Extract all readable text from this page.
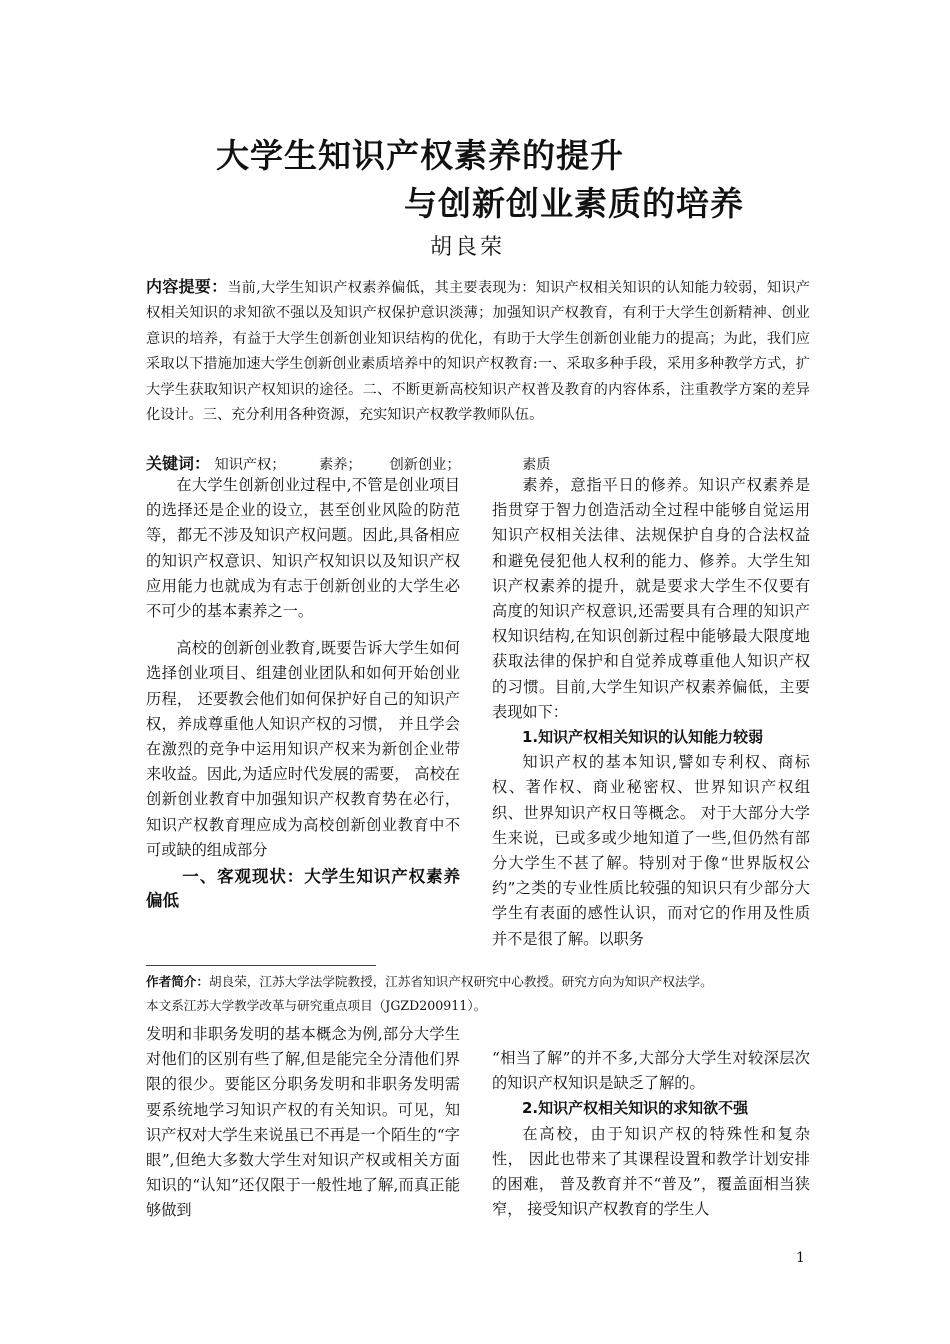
大学生知识产权素养的提升
与创新创业素质的培养
胡良荣
内容提要：当前,大学生知识产权素养偏低，其主要表现为：知识产权相关知识的认知能力较弱，知识产权相关知识的求知欲不强以及知识产权保护意识淡薄；加强知识产权教育，有利于大学生创新精神、创业意识的培养，有益于大学生创新创业知识结构的优化，有助于大学生创新创业能力的提高；为此，我们应采取以下措施加速大学生创新创业素质培养中的知识产权教育:一、采取多种手段，采用多种教学方式，扩大学生获取知识产权知识的途径。二、不断更新高校知识产权普及教育的内容体系，注重教学方案的差异化设计。三、充分利用各种资源，充实知识产权教学教师队伍。
关键词： 知识产权； 素养； 创新创业；	素质

在大学生创新创业过程中,不管是创业项目的选择还是企业的设立，甚至创业风险的防范等，都无不涉及知识产权问题。因此,具备相应的知识产权意识、知识产权知识以及知识产权应用能力也就成为有志于创新创业的大学生必不可少的基本素养之一。

高校的创新创业教育,既要告诉大学生如何选择创业项目、组建创业团队和如何开始创业历程， 还要教会他们如何保护好自己的知识产权，养成尊重他人知识产权的习惯， 并且学会在激烈的竞争中运用知识产权来为新创企业带来收益。因此,为适应时代发展的需要， 高校在创新创业教育中加强知识产权教育势在必行， 知识产权教育理应成为高校创新创业教育中不可或缺的组成部分

一、客观现状：大学生知识产权素养偏低

素养，意指平日的修养。知识产权素养是指贯穿于智力创造活动全过程中能够自觉运用知识产权相关法律、法规保护自身的合法权益和避免侵犯他人权利的能力、修养。大学生知识产权素养的提升，就是要求大学生不仅要有高度的知识产权意识,还需要具有合理的知识产权知识结构,在知识创新过程中能够最大限度地获取法律的保护和自觉养成尊重他人知识产权的习惯。目前,大学生知识产权素养偏低，主要表现如下：

1.知识产权相关知识的认知能力较弱

知识产权的基本知识,譬如专利权、商标权、著作权、商业秘密权、世界知识产权组织、世界知识产权日等概念。 对于大部分大学生来说，已或多或少地知道了一些,但仍然有部分大学生不甚了解。特别对于像“世界版权公约”之类的专业性质比较强的知识只有少部分大学生有表面的感性认识，而对它的作用及性质并不是很了解。以职务

作者简介：胡良荣，江苏大学法学院教授，江苏省知识产权研究中心教授。研究方向为知识产权法学。
本文系江苏大学教学改革与研究重点项目（JGZD200911）。

发明和非职务发明的基本概念为例,部分大学生对他们的区别有些了解,但是能完全分清他们界限的很少。要能区分职务发明和非职务发明需要系统地学习知识产权的有关知识。可见，知识产权对大学生来说虽已不再是一个陌生的“字眼”,但绝大多数大学生对知识产权或相关方面知识的“认知”还仅限于一般性地了解,而真正能够做到

“相当了解”的并不多,大部分大学生对较深层次的知识产权知识是缺乏了解的。

2.知识产权相关知识的求知欲不强

在高校，由于知识产权的特殊性和复杂性， 因此也带来了其课程设置和教学计划安排的困难， 普及教育并不“普及”，覆盖面相当狭窄， 接受知识产权教育的学生人

1
